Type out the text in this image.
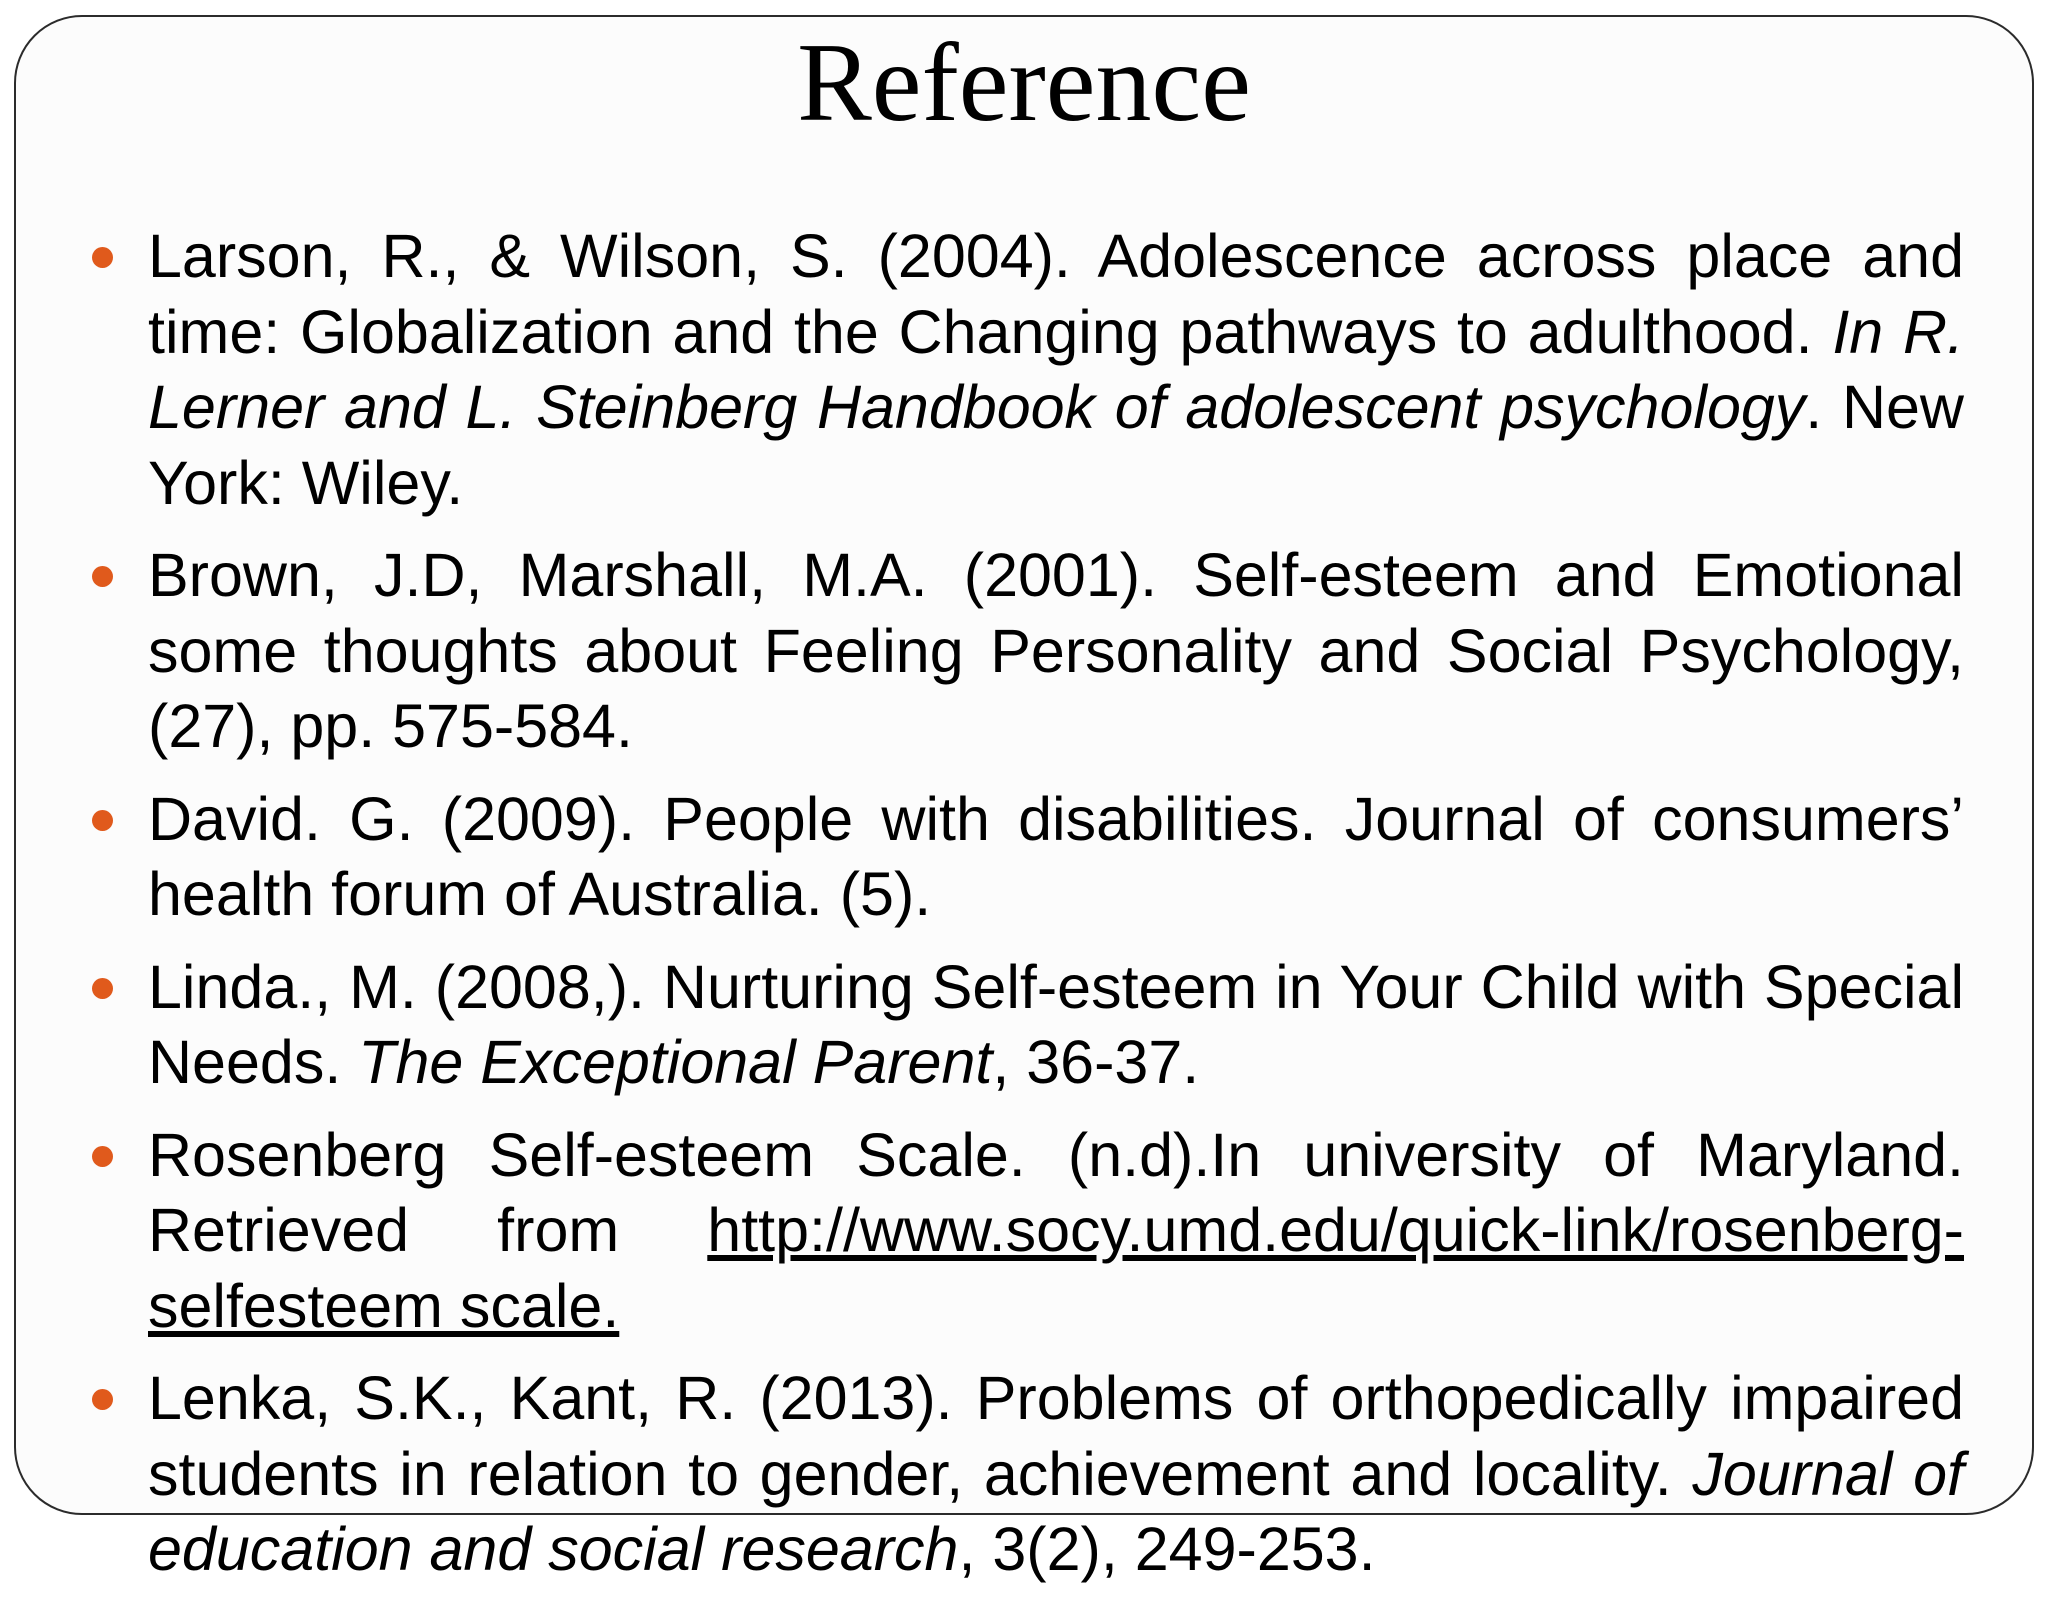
Reference
Larson, R., & Wilson, S. (2004). Adolescence across place and time: Globalization and the Changing pathways to adulthood. In R. Lerner and L. Steinberg Handbook of adolescent psychology. New York: Wiley.
Brown, J.D, Marshall, M.A. (2001). Self-esteem and Emotional some thoughts about Feeling Personality and Social Psychology, (27), pp. 575-584.
David. G. (2009). People with disabilities. Journal of consumers’ health forum of Australia. (5).
Linda., M. (2008,). Nurturing Self-esteem in Your Child with Special Needs. The Exceptional Parent, 36-37.
Rosenberg Self-esteem Scale. (n.d).In university of Maryland. Retrieved from http://www.socy.umd.edu/quick-link/rosenberg-selfesteem scale.
Lenka, S.K., Kant, R. (2013). Problems of orthopedically impaired students in relation to gender, achievement and locality. Journal of education and social research, 3(2), 249-253.
